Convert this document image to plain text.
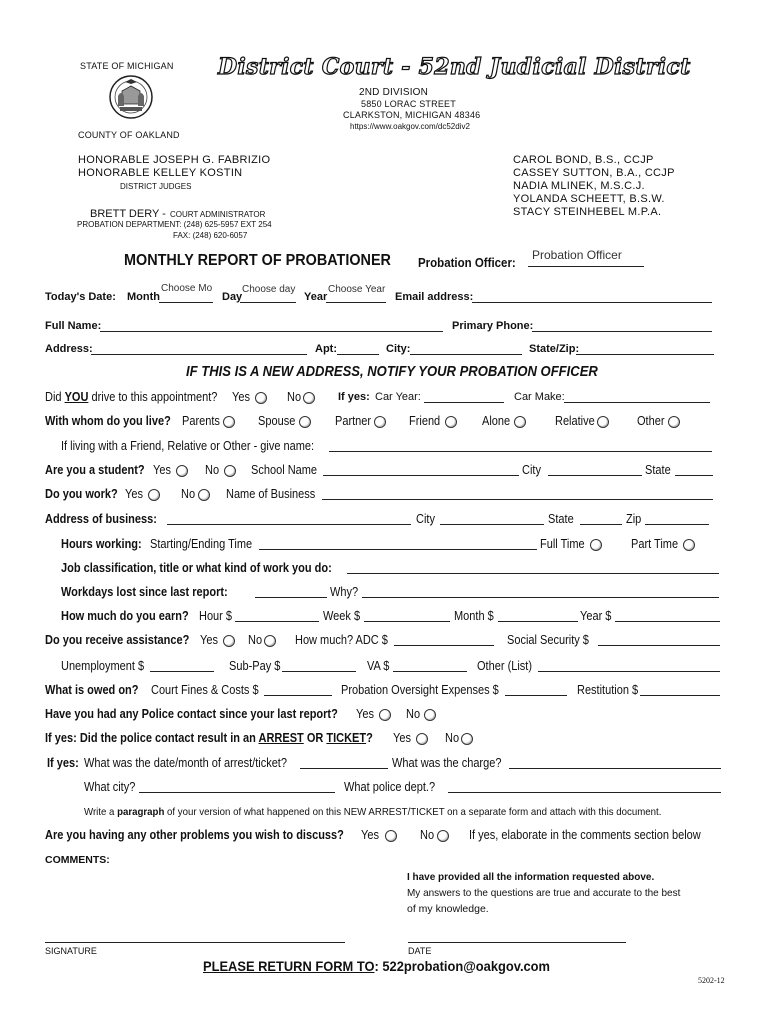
STATE OF MICHIGAN District Court - 52nd Judicial District
2ND DIVISION
5850 LORAC STREET
CLARKSTON, MICHIGAN 48346
https://www.oakgov.com/dc52div2
COUNTY OF OAKLAND
HONORABLE JOSEPH G. FABRIZIO
HONORABLE KELLEY KOSTIN
DISTRICT JUDGES
BRETT DERY - COURT ADMINISTRATOR
PROBATION DEPARTMENT: (248) 625-5957 EXT 254
FAX: (248) 620-6057
CAROL BOND, B.S., CCJP
CASSEY SUTTON, B.A., CCJP
NADIA MLINEK, M.S.C.J.
YOLANDA SCHEETT, B.S.W.
STACY STEINHEBEL M.P.A.
MONTHLY REPORT OF PROBATIONER Probation Officer:
Probation Officer
Today's Date: Month
Choose Mo
Day
Choose day
Year
Choose Year
Email address:
Full Name:	Primary Phone:
Address:	Apt:	City:	State/Zip:
IF THIS IS A NEW ADDRESS, NOTIFY YOUR PROBATION OFFICER
Did YOU drive to this appointment? Yes	No	If yes: Car Year:	Car Make:
With whom do you live? Parents	Spouse	Partner	Friend	Alone	Relative	Other
If living with a Friend, Relative or Other - give name:
Are you a student? Yes	No	School Name	City	State
Do you work? Yes	No Name of Business
Address of business:	City	State	Zip
Hours working: Starting/Ending Time	Full Time	Part Time
Job classification, title or what kind of work you do:
Workdays lost since last report:	Why?
How much do you earn? Hour $	Week $	Month $	Year $
Do you receive assistance? Yes No	How much? ADC $	Social Security $
Unemployment $	Sub-Pay $	VA $	Other (List)
What is owed on? Court Fines & Costs $	Probation Oversight Expenses $	Restitution $
Have you had any Police contact since your last report? Yes	No
If yes: Did the police contact result in an ARREST OR TICKET? Yes	No
If yes: What was the date/month of arrest/ticket?	What was the charge?
What city?	What police dept.?
Write a paragraph of your version of what happened on this NEW ARREST/TICKET on a separate form and attach with this document.
Are you having any other problems you wish to discuss? Yes	No	If yes, elaborate in the comments section below
COMMENTS:
I have provided all the information requested above.
My answers to the questions are true and accurate to the best
of my knowledge.
SIGNATURE	DATE
PLEASE RETURN FORM TO: 522probation@oakgov.com
5202-12
